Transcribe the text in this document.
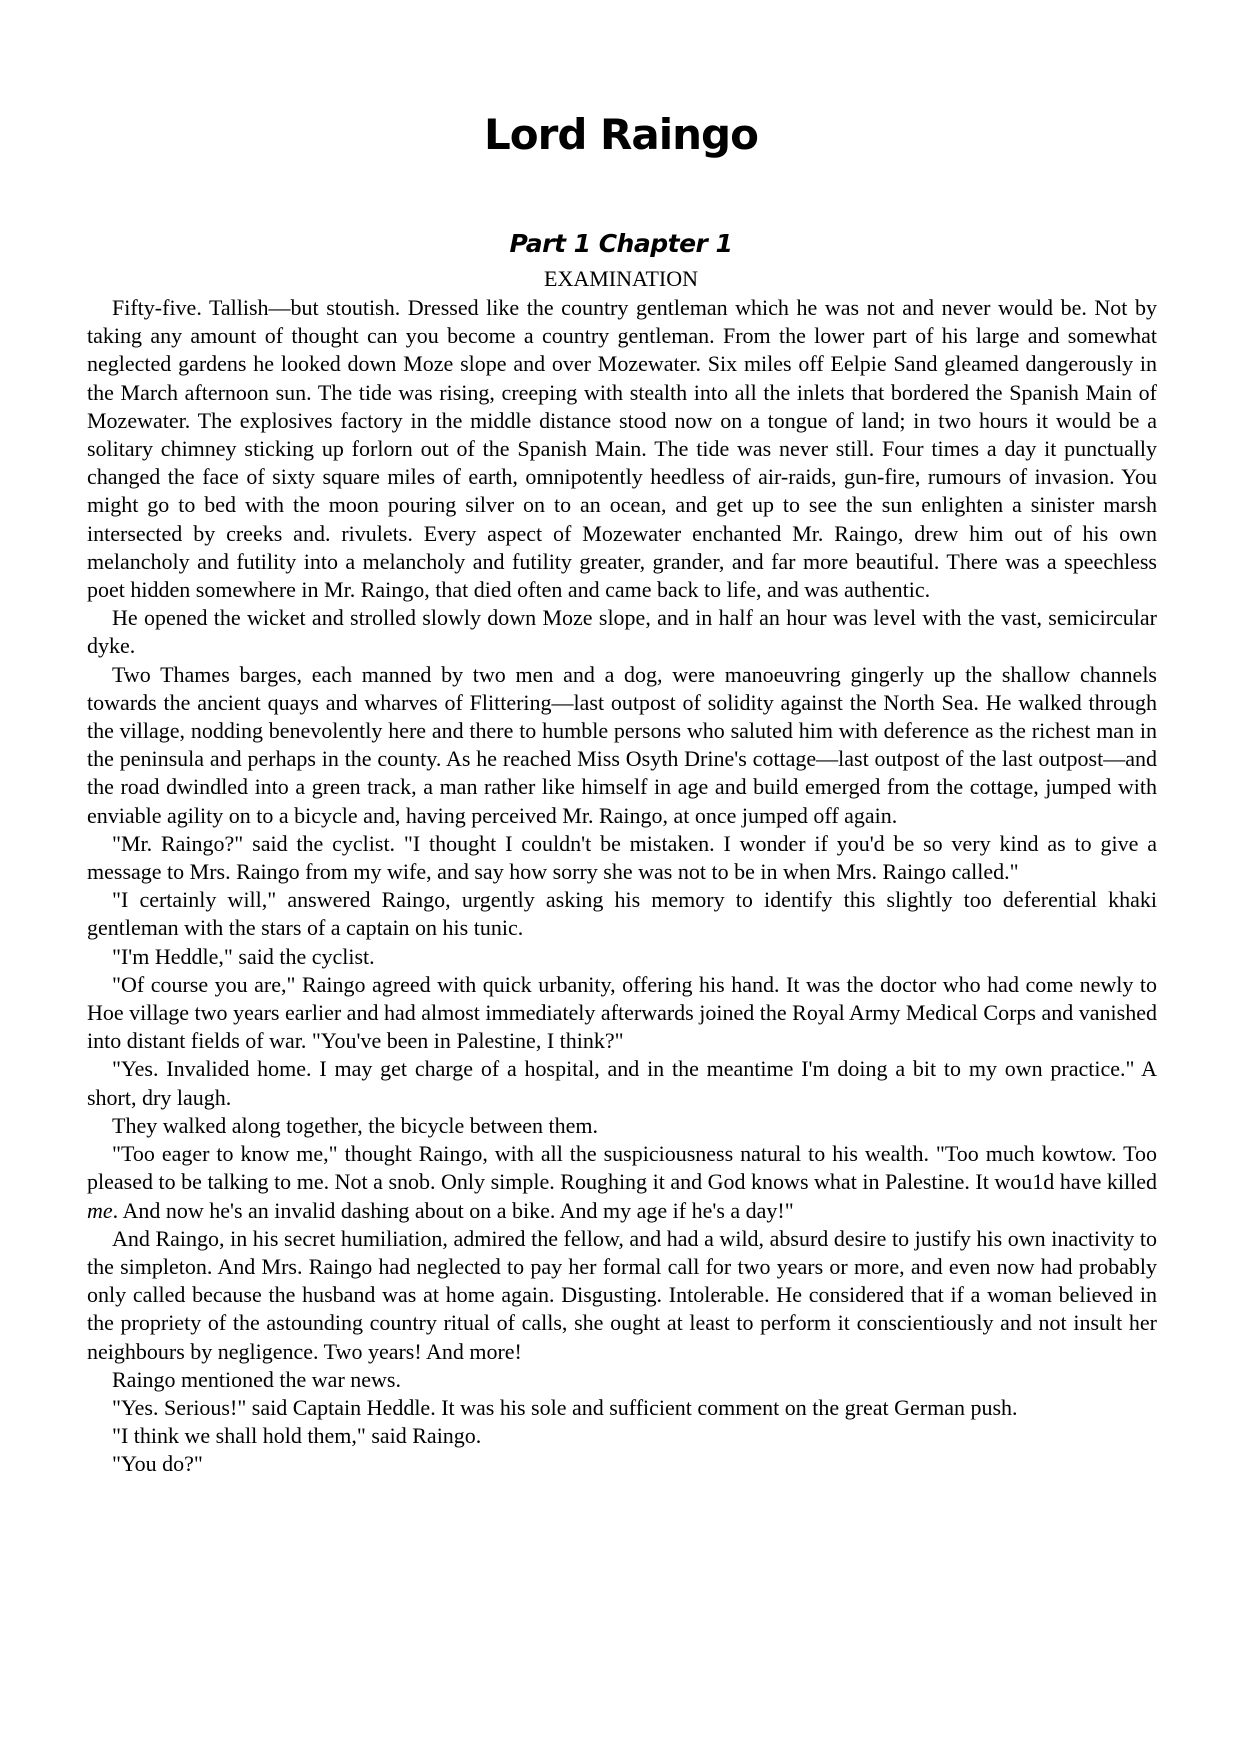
Lord Raingo
Part 1 Chapter 1
EXAMINATION

Fifty-five. Tallish—but stoutish. Dressed like the country gentleman which he was not and never would be. Not by taking any amount of thought can you become a country gentleman. From the lower part of his large and somewhat neglected gardens he looked down Moze slope and over Mozewater. Six miles off Eelpie Sand gleamed dangerously in the March afternoon sun. The tide was rising, creeping with stealth into all the inlets that bordered the Spanish Main of Mozewater. The explosives factory in the middle distance stood now on a tongue of land; in two hours it would be a solitary chimney sticking up forlorn out of the Spanish Main. The tide was never still. Four times a day it punctually changed the face of sixty square miles of earth, omnipotently heedless of air-raids, gun-fire, rumours of invasion. You might go to bed with the moon pouring silver on to an ocean, and get up to see the sun enlighten a sinister marsh intersected by creeks and. rivulets. Every aspect of Mozewater enchanted Mr. Raingo, drew him out of his own melancholy and futility into a melancholy and futility greater, grander, and far more beautiful. There was a speechless poet hidden somewhere in Mr. Raingo, that died often and came back to life, and was authentic.

He opened the wicket and strolled slowly down Moze slope, and in half an hour was level with the vast, semicircular dyke.

Two Thames barges, each manned by two men and a dog, were manoeuvring gingerly up the shallow channels towards the ancient quays and wharves of Flittering—last outpost of solidity against the North Sea. He walked through the village, nodding benevolently here and there to humble persons who saluted him with deference as the richest man in the peninsula and perhaps in the county. As he reached Miss Osyth Drine's cottage—last outpost of the last outpost—and the road dwindled into a green track, a man rather like himself in age and build emerged from the cottage, jumped with enviable agility on to a bicycle and, having perceived Mr. Raingo, at once jumped off again.

"Mr. Raingo?" said the cyclist. "I thought I couldn't be mistaken. I wonder if you'd be so very kind as to give a message to Mrs. Raingo from my wife, and say how sorry she was not to be in when Mrs. Raingo called."

"I certainly will," answered Raingo, urgently asking his memory to identify this slightly too deferential khaki gentleman with the stars of a captain on his tunic.

"I'm Heddle," said the cyclist.

"Of course you are," Raingo agreed with quick urbanity, offering his hand. It was the doctor who had come newly to Hoe village two years earlier and had almost immediately afterwards joined the Royal Army Medical Corps and vanished into distant fields of war. "You've been in Palestine, I think?"

"Yes. Invalided home. I may get charge of a hospital, and in the meantime I'm doing a bit to my own practice." A short, dry laugh.

They walked along together, the bicycle between them.

"Too eager to know me," thought Raingo, with all the suspiciousness natural to his wealth. "Too much kowtow. Too pleased to be talking to me. Not a snob. Only simple. Roughing it and God knows what in Palestine. It wou1d have killed me. And now he's an invalid dashing about on a bike. And my age if he's a day!"

And Raingo, in his secret humiliation, admired the fellow, and had a wild, absurd desire to justify his own inactivity to the simpleton. And Mrs. Raingo had neglected to pay her formal call for two years or more, and even now had probably only called because the husband was at home again. Disgusting. Intolerable. He considered that if a woman believed in the propriety of the astounding country ritual of calls, she ought at least to perform it conscientiously and not insult her neighbours by negligence. Two years! And more!

Raingo mentioned the war news.

"Yes. Serious!" said Captain Heddle. It was his sole and sufficient comment on the great German push.

"I think we shall hold them," said Raingo.

"You do?"
